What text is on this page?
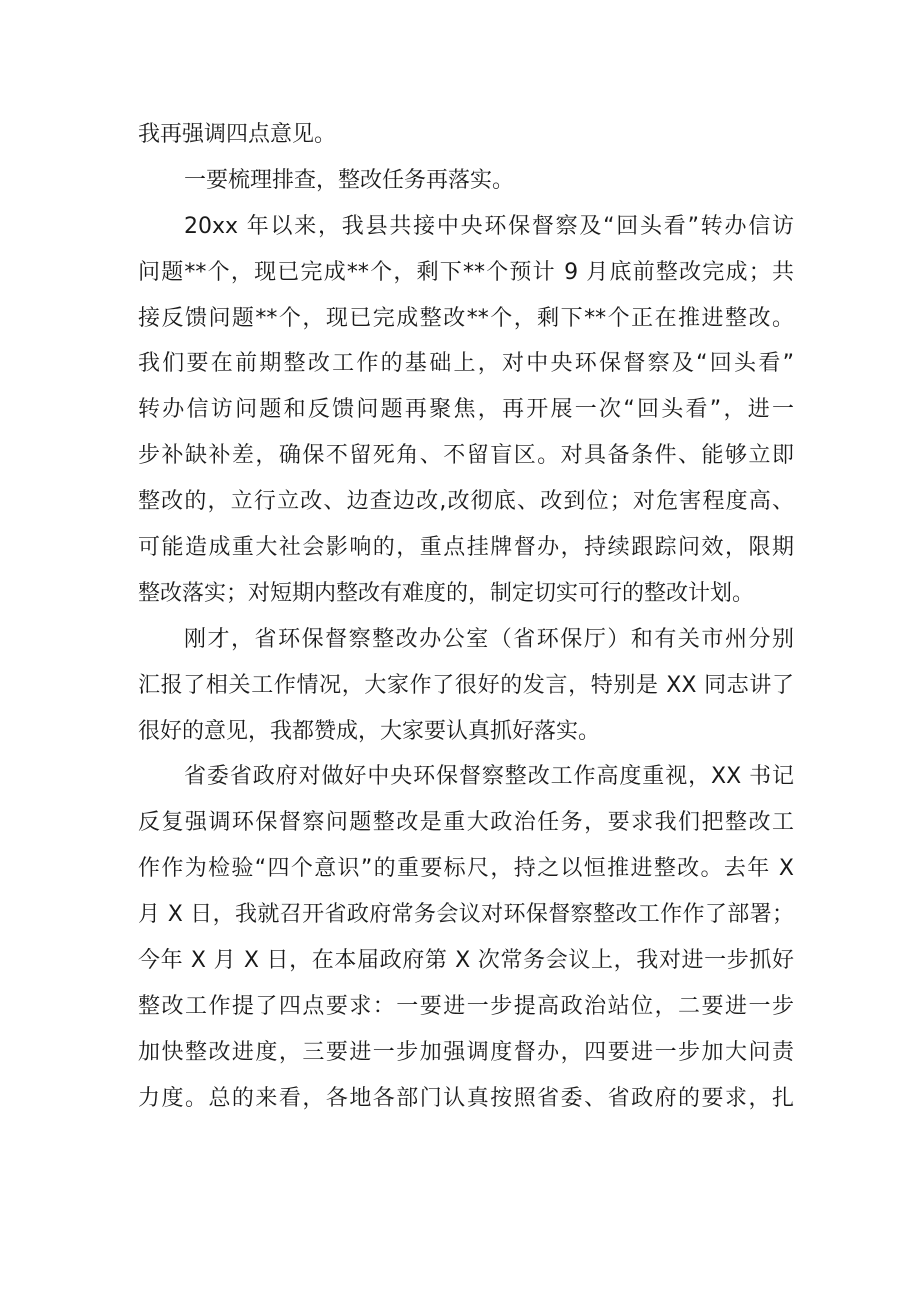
我再强调四点意见。
一要梳理排查，整改任务再落实。
20xx 年以来，我县共接中央环保督察及“回头看”转办信访
问题**个，现已完成**个，剩下**个预计 9 月底前整改完成；共
接反馈问题**个，现已完成整改**个，剩下**个正在推进整改。
我们要在前期整改工作的基础上，对中央环保督察及“回头看”
转办信访问题和反馈问题再聚焦，再开展一次“回头看”，进一
步补缺补差，确保不留死角、不留盲区。对具备条件、能够立即
整改的，立行立改、边查边改,改彻底、改到位；对危害程度高、
可能造成重大社会影响的，重点挂牌督办，持续跟踪问效，限期
整改落实；对短期内整改有难度的，制定切实可行的整改计划。
刚才，省环保督察整改办公室（省环保厅）和有关市州分别
汇报了相关工作情况，大家作了很好的发言，特别是 XX 同志讲了
很好的意见，我都赞成，大家要认真抓好落实。
省委省政府对做好中央环保督察整改工作高度重视，XX 书记
反复强调环保督察问题整改是重大政治任务，要求我们把整改工
作作为检验“四个意识”的重要标尺，持之以恒推进整改。去年 X
月 X 日，我就召开省政府常务会议对环保督察整改工作作了部署；
今年 X 月 X 日，在本届政府第 X 次常务会议上，我对进一步抓好
整改工作提了四点要求：一要进一步提高政治站位，二要进一步
加快整改进度，三要进一步加强调度督办，四要进一步加大问责
力度。总的来看，各地各部门认真按照省委、省政府的要求，扎
